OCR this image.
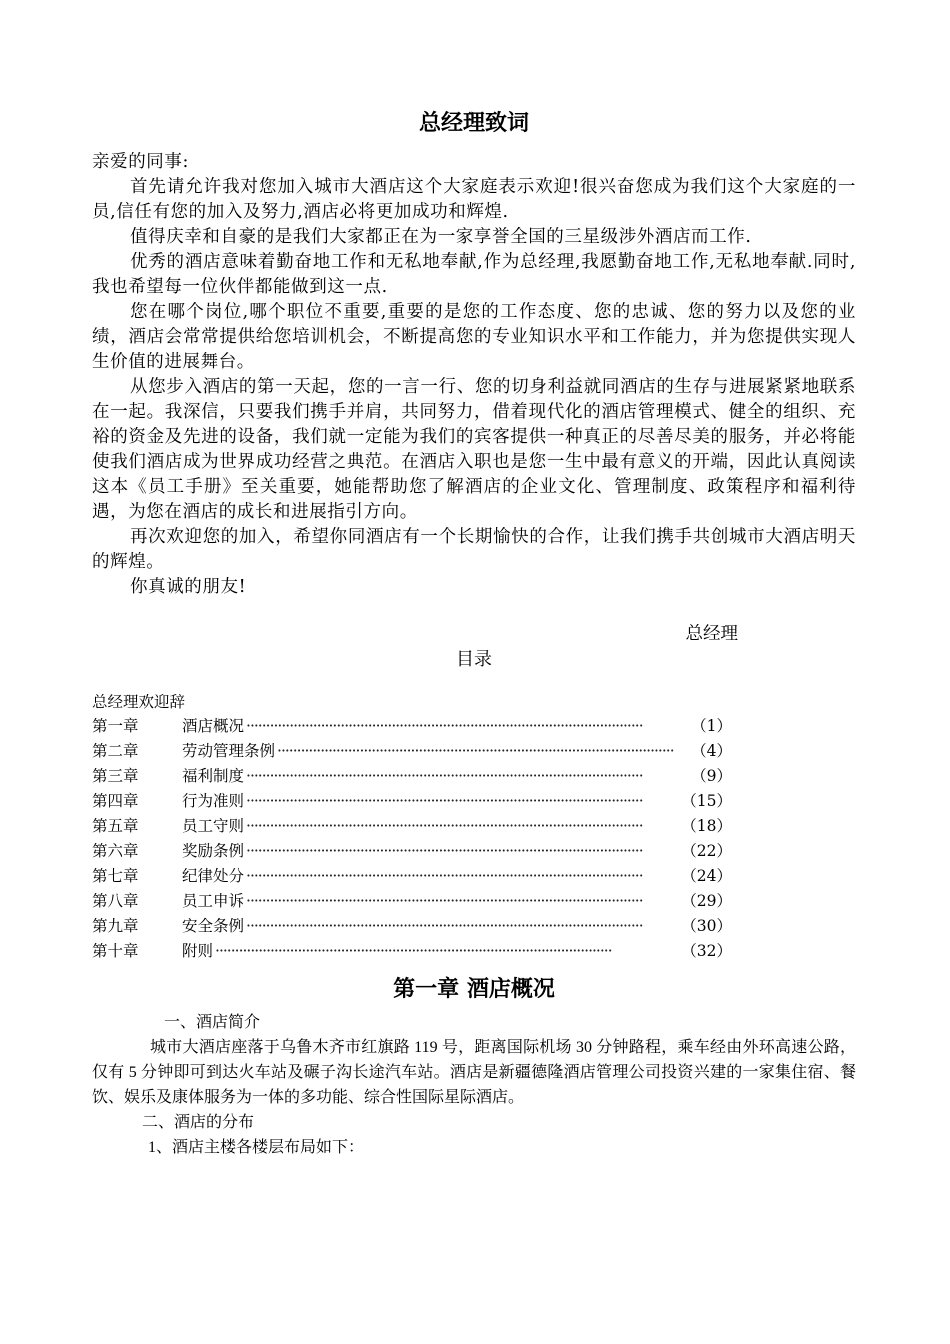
总经理致词

亲爱的同事:

首先请允许我对您加入城市大酒店这个大家庭表示欢迎!很兴奋您成为我们这个大家庭的一员,信任有您的加入及努力,酒店必将更加成功和辉煌.

值得庆幸和自豪的是我们大家都正在为一家享誉全国的三星级涉外酒店而工作.

优秀的酒店意味着勤奋地工作和无私地奉献,作为总经理,我愿勤奋地工作,无私地奉献.同时,我也希望每一位伙伴都能做到这一点.

您在哪个岗位,哪个职位不重要,重要的是您的工作态度、您的忠诚、您的努力以及您的业绩，酒店会常常提供给您培训机会，不断提高您的专业知识水平和工作能力，并为您提供实现人生价值的进展舞台。

从您步入酒店的第一天起，您的一言一行、您的切身利益就同酒店的生存与进展紧紧地联系在一起。我深信，只要我们携手并肩，共同努力，借着现代化的酒店管理模式、健全的组织、充裕的资金及先进的设备，我们就一定能为我们的宾客提供一种真正的尽善尽美的服务，并必将能使我们酒店成为世界成功经营之典范。在酒店入职也是您一生中最有意义的开端，因此认真阅读这本《员工手册》至关重要，她能帮助您了解酒店的企业文化、管理制度、政策程序和福利待遇，为您在酒店的成长和进展指引方向。

再次欢迎您的加入，希望你同酒店有一个长期愉快的合作，让我们携手共创城市大酒店明天的辉煌。

你真诚的朋友!

总经理
目录
总经理欢迎辞
第一章	酒店概况 ·····································································································	（1）
第二章	劳动管理条例 ·····································································································	（4）
第三章	福利制度 ·····································································································	（9）
第四章	行为准则 ·····································································································	（15）
第五章	员工守则 ·····································································································	（18）
第六章	奖励条例 ·····································································································	（22）
第七章	纪律处分 ·····································································································	（24）
第八章	员工申诉 ·····································································································	（29）
第九章	安全条例 ·····································································································	（30）
第十章	附则 ·····································································································	（32）
第一章 酒店概况

一、酒店简介

城市大酒店座落于乌鲁木齐市红旗路 119 号，距离国际机场 30 分钟路程，乘车经由外环高速公路，仅有 5 分钟即可到达火车站及碾子沟长途汽车站。酒店是新疆德隆酒店管理公司投资兴建的一家集住宿、餐饮、娱乐及康体服务为一体的多功能、综合性国际星际酒店。

二、酒店的分布

1、酒店主楼各楼层布局如下：
